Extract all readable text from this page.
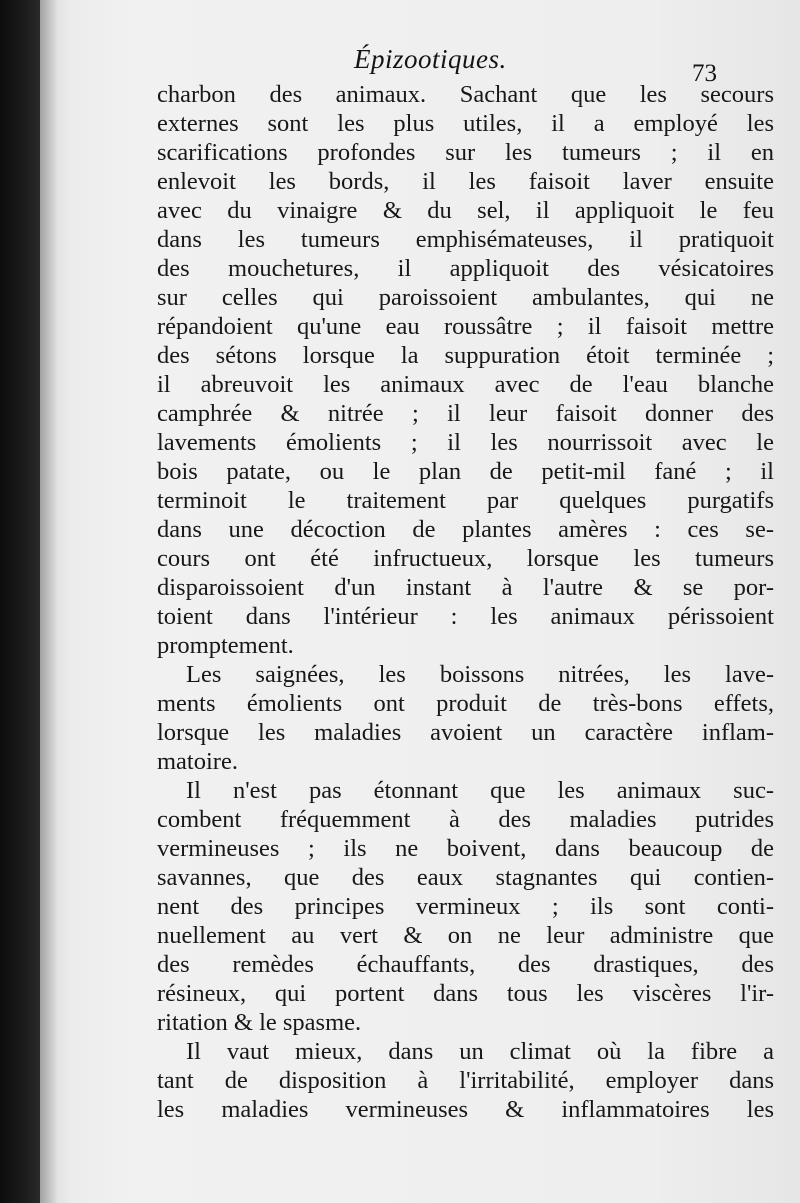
Épizootiques.	73
charbon des animaux. Sachant que les secours
externes sont les plus utiles, il a employé les
scarifications profondes sur les tumeurs ; il en
enlevoit les bords, il les faisoit laver ensuite
avec du vinaigre & du sel, il appliquoit le feu
dans les tumeurs emphisémateuses, il pratiquoit
des mouchetures, il appliquoit des vésicatoires
sur celles qui paroissoient ambulantes, qui ne
répandoient qu'une eau roussâtre ; il faisoit mettre
des sétons lorsque la suppuration étoit terminée ;
il abreuvoit les animaux avec de l'eau blanche
camphrée & nitrée ; il leur faisoit donner des
lavements émolients ; il les nourrissoit avec le
bois patate, ou le plan de petit-mil fané ; il
terminoit le traitement par quelques purgatifs
dans une décoction de plantes amères : ces se-
cours ont été infructueux, lorsque les tumeurs
disparoissoient d'un instant à l'autre & se por-
toient dans l'intérieur : les animaux périssoient
promptement.
Les saignées, les boissons nitrées, les lave-
ments émolients ont produit de très-bons effets,
lorsque les maladies avoient un caractère inflam-
matoire.
Il n'est pas étonnant que les animaux suc-
combent fréquemment à des maladies putrides
vermineuses ; ils ne boivent, dans beaucoup de
savannes, que des eaux stagnantes qui contien-
nent des principes vermineux ; ils sont conti-
nuellement au vert & on ne leur administre que
des remèdes échauffants, des drastiques, des
résineux, qui portent dans tous les viscères l'ir-
ritation & le spasme.
Il vaut mieux, dans un climat où la fibre a
tant de disposition à l'irritabilité, employer dans
les maladies vermineuses & inflammatoires les
